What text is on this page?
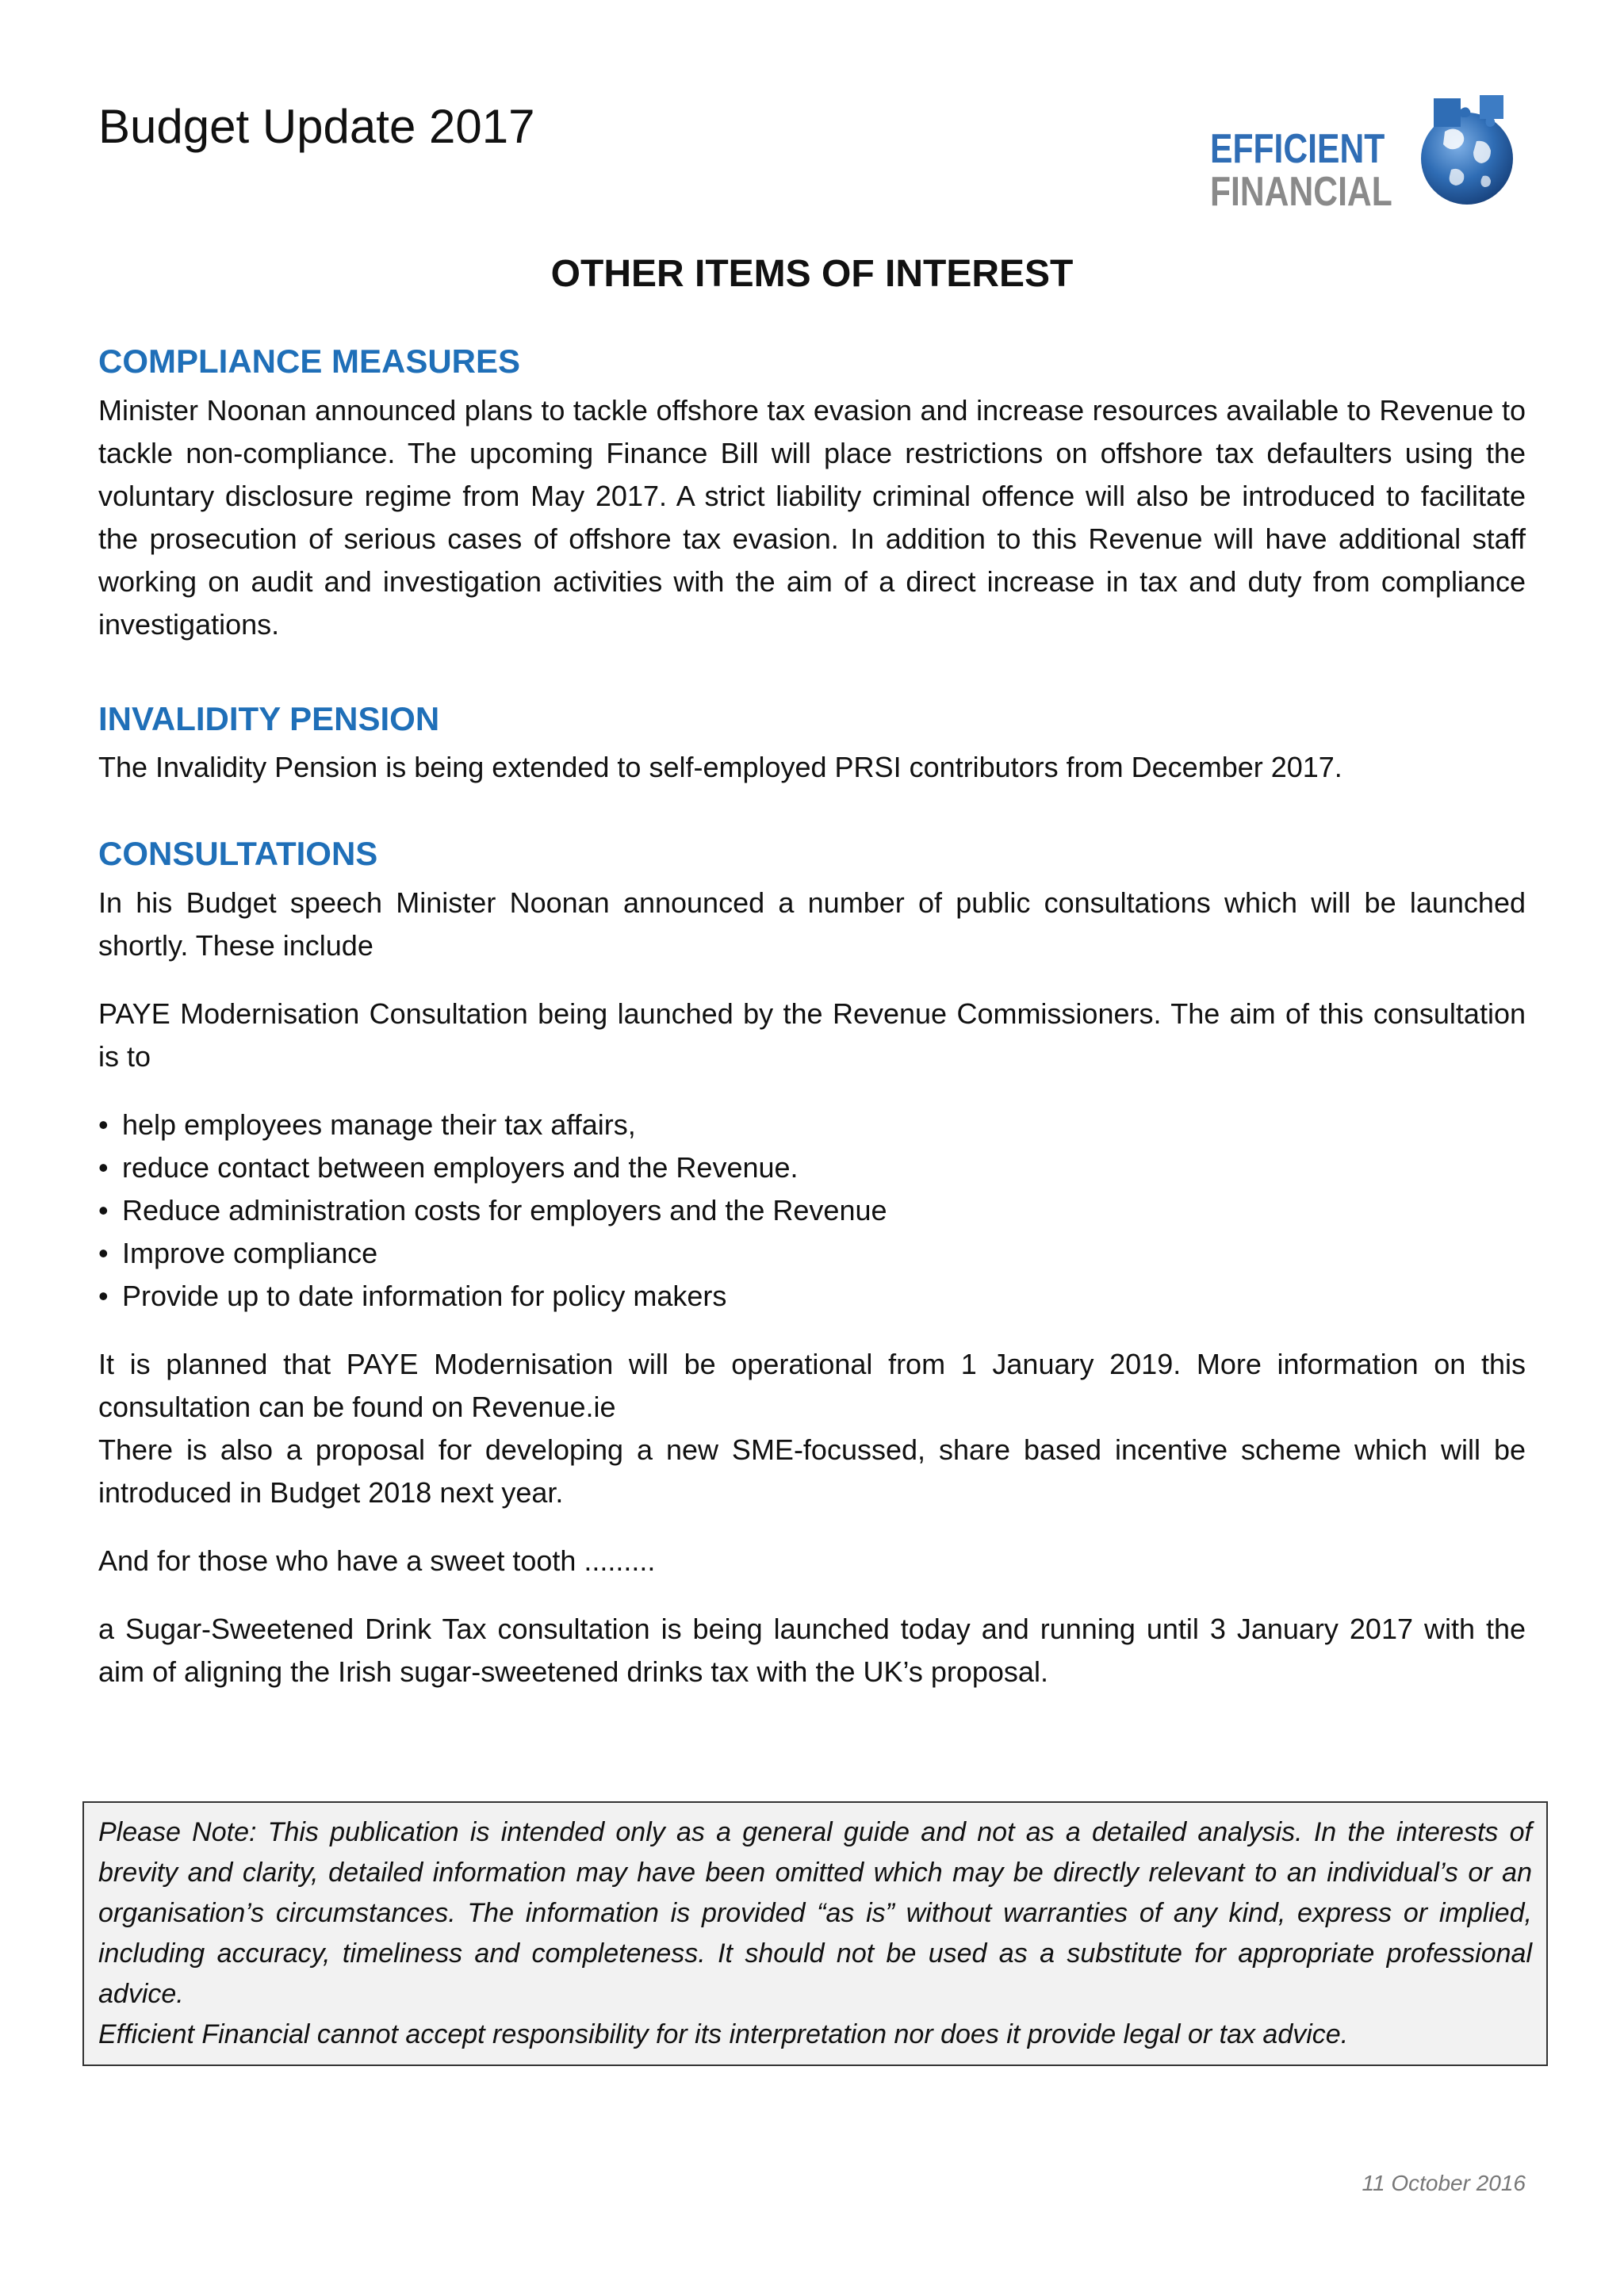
Budget Update 2017	EFFICIENT
FINANCIAL
OTHER ITEMS OF INTEREST
COMPLIANCE MEASURES

Minister Noonan announced plans to tackle offshore tax evasion and increase resources available to Revenue to tackle non-compliance. The upcoming Finance Bill will place restrictions on offshore tax defaulters using the voluntary disclosure regime from May 2017. A strict liability criminal offence will also be introduced to facilitate the prosecution of serious cases of offshore tax evasion. In addition to this Revenue will have additional staff working on audit and investigation activities with the aim of a direct increase in tax and duty from compliance investigations.

INVALIDITY PENSION

The Invalidity Pension is being extended to self-employed PRSI contributors from December 2017.

CONSULTATIONS

In his Budget speech Minister Noonan announced a number of public consultations which will be launched shortly. These include

PAYE Modernisation Consultation being launched by the Revenue Commissioners. The aim of this consultation is to

• help employees manage their tax affairs,
• reduce contact between employers and the Revenue.
• Reduce administration costs for employers and the Revenue
• Improve compliance
• Provide up to date information for policy makers

It is planned that PAYE Modernisation will be operational from 1 January 2019. More information on this consultation can be found on Revenue.ie

There is also a proposal for developing a new SME-focussed, share based incentive scheme which will be introduced in Budget 2018 next year.

And for those who have a sweet tooth .........

a Sugar-Sweetened Drink Tax consultation is being launched today and running until 3 January 2017 with the aim of aligning the Irish sugar-sweetened drinks tax with the UK’s proposal.

Please Note: This publication is intended only as a general guide and not as a detailed analysis. In the interests of brevity and clarity, detailed information may have been omitted which may be directly relevant to an individual’s or an organisation’s circumstances. The information is provided “as is” without warranties of any kind, express or implied, including accuracy, timeliness and completeness. It should not be used as a substitute for appropriate professional advice.

Efficient Financial cannot accept responsibility for its interpretation nor does it provide legal or tax advice.

11 October 2016
